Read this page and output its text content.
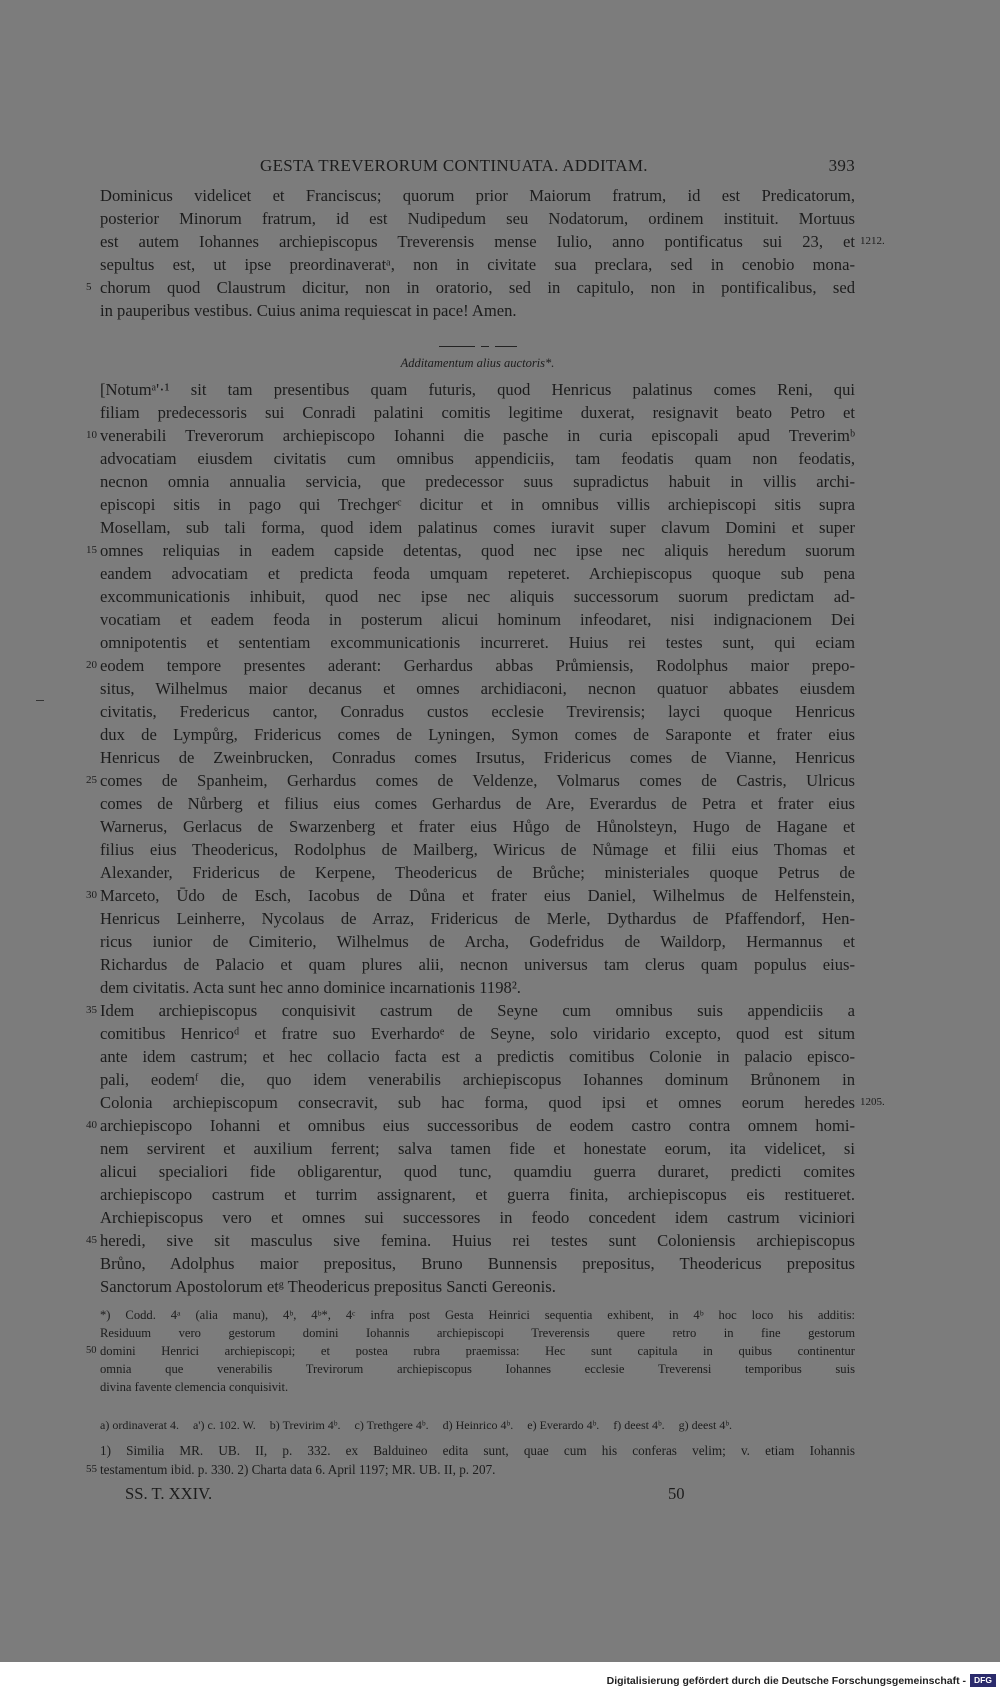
GESTA TREVERORUM CONTINUATA. ADDITAM.	393
Dominicus videlicet et Franciscus; quorum prior Maiorum fratrum, id est Predicatorum,
posterior Minorum fratrum, id est Nudipedum seu Nodatorum, ordinem instituit. Mortuus
est autem Iohannes archiepiscopus Treverensis mense Iulio, anno pontificatus sui 23, et 1212.
sepultus est, ut ipse preordinaveratᵃ, non in civitate sua preclara, sed in cenobio mona-
5 chorum quod Claustrum dicitur, non in oratorio, sed in capitulo, non in pontificalibus, sed
in pauperibus vestibus. Cuius anima requiescat in pace! Amen.
Additamentum alius auctoris*.
[Notumᵃ'·¹ sit tam presentibus quam futuris, quod Henricus palatinus comes Reni, qui
filiam predecessoris sui Conradi palatini comitis legitime duxerat, resignavit beato Petro et
10 venerabili Treverorum archiepiscopo Iohanni die pasche in curia episcopali apud Treverimᵇ
advocatiam eiusdem civitatis cum omnibus appendiciis, tam feodatis quam non feodatis,
necnon omnia annualia servicia, que predecessor suus supradictus habuit in villis archi-
episcopi sitis in pago qui Trechgerᶜ dicitur et in omnibus villis archiepiscopi sitis supra
Mosellam, sub tali forma, quod idem palatinus comes iuravit super clavum Domini et super
15 omnes reliquias in eadem capside detentas, quod nec ipse nec aliquis heredum suorum
eandem advocatiam et predicta feoda umquam repeteret. Archiepiscopus quoque sub pena
excommunicationis inhibuit, quod nec ipse nec aliquis successorum suorum predictam ad-
vocatiam et eadem feoda in posterum alicui hominum infeodaret, nisi indignacionem Dei
omnipotentis et sententiam excommunicationis incurreret. Huius rei testes sunt, qui eciam
20 eodem tempore presentes aderant: Gerhardus abbas Průmiensis, Rodolphus maior prepo-
situs, Wilhelmus maior decanus et omnes archidiaconi, necnon quatuor abbates eiusdem
civitatis, Fredericus cantor, Conradus custos ecclesie Trevirensis; layci quoque Henricus
dux de Lympůrg, Fridericus comes de Lyningen, Symon comes de Saraponte et frater eius
Henricus de Zweinbrucken, Conradus comes Irsutus, Fridericus comes de Vianne, Henricus
25 comes de Spanheim, Gerhardus comes de Veldenze, Volmarus comes de Castris, Ulricus
comes de Nůrberg et filius eius comes Gerhardus de Are, Everardus de Petra et frater eius
Warnerus, Gerlacus de Swarzenberg et frater eius Hůgo de Hůnolsteyn, Hugo de Hagane et
filius eius Theodericus, Rodolphus de Mailberg, Wiricus de Nůmage et filii eius Thomas et
Alexander, Fridericus de Kerpene, Theodericus de Brůche; ministeriales quoque Petrus de
30 Marceto, Ūdo de Esch, Iacobus de Důna et frater eius Daniel, Wilhelmus de Helfenstein,
Henricus Leinherre, Nycolaus de Arraz, Fridericus de Merle, Dythardus de Pfaffendorf, Hen-
ricus iunior de Cimiterio, Wilhelmus de Archa, Godefridus de Waildorp, Hermannus et
Richardus de Palacio et quam plures alii, necnon universus tam clerus quam populus eius-
dem civitatis. Acta sunt hec anno dominice incarnationis 1198².
35 Idem archiepiscopus conquisivit castrum de Seyne cum omnibus suis appendiciis a
comitibus Henricoᵈ et fratre suo Everhardoᵉ de Seyne, solo viridario excepto, quod est situm
ante idem castrum; et hec collacio facta est a predictis comitibus Colonie in palacio episco-
pali, eodemᶠ die, quo idem venerabilis archiepiscopus Iohannes dominum Brůnonem in
Colonia archiepiscopum consecravit, sub hac forma, quod ipsi et omnes eorum heredes 1205.
40 archiepiscopo Iohanni et omnibus eius successoribus de eodem castro contra omnem homi-
nem servirent et auxilium ferrent; salva tamen fide et honestate eorum, ita videlicet, si
alicui specialiori fide obligarentur, quod tunc, quamdiu guerra duraret, predicti comites
archiepiscopo castrum et turrim assignarent, et guerra finita, archiepiscopus eis restitueret.
Archiepiscopus vero et omnes sui successores in feodo concedent idem castrum viciniori
45 heredi, sive sit masculus sive femina. Huius rei testes sunt Coloniensis archiepiscopus
Brůno, Adolphus maior prepositus, Bruno Bunnensis prepositus, Theodericus prepositus
Sanctorum Apostolorum etᵍ Theodericus prepositus Sancti Gereonis.
*) Codd. 4ᵃ (alia manu), 4ᵇ, 4ᵇ*, 4ᶜ infra post Gesta Heinrici sequentia exhibent, in 4ᵇ hoc loco his additis:
Residuum vero gestorum domini Iohannis archiepiscopi Treverensis quere retro in fine gestorum
50 domini Henrici archiepiscopi; et postea rubra praemissa: Hec sunt capitula in quibus continentur
omnia que venerabilis Trevirorum archiepiscopus Iohannes ecclesie Treverensi temporibus suis
divina favente clemencia conquisivit.
a) ordinaverat 4. a') c. 102. W. b) Trevirim 4ᵇ. c) Trethgere 4ᵇ. d) Heinrico 4ᵇ. e) Everardo 4ᵇ. f) deest 4ᵇ. g) deest 4ᵇ.
1) Similia MR. UB. II, p. 332. ex Balduineo edita sunt, quae cum his conferas velim; v. etiam Iohannis
55 testamentum ibid. p. 330. 2) Charta data 6. April 1197; MR. UB. II, p. 207.
SS. T. XXIV.	50
Digitalisierung gefördert durch die Deutsche Forschungsgemeinschaft - DFG
